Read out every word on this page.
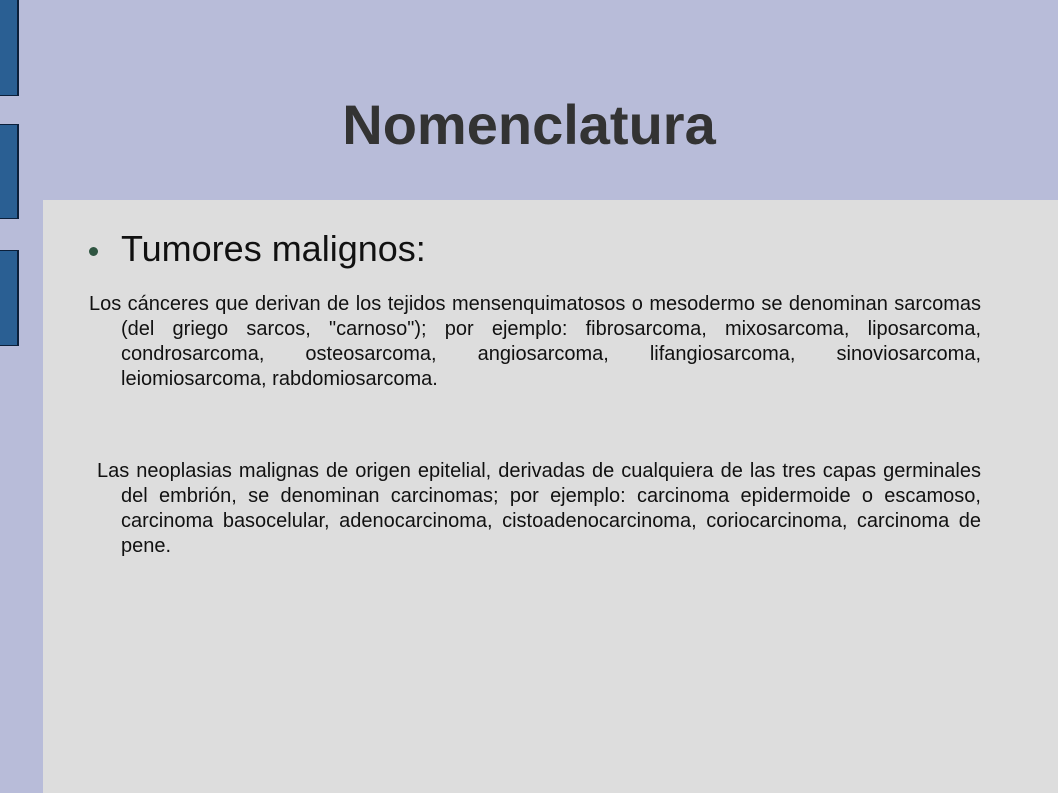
Nomenclatura
Tumores malignos:
Los cánceres que derivan de los tejidos mensenquimatosos o mesodermo se denominan sarcomas (del griego sarcos, "carnoso"); por ejemplo: fibrosarcoma, mixosarcoma, liposarcoma, condrosarcoma, osteosarcoma, angiosarcoma, lifangiosarcoma, sinoviosarcoma, leiomiosarcoma, rabdomiosarcoma.
Las neoplasias malignas de origen epitelial, derivadas de cualquiera de las tres capas germinales del embrión, se denominan carcinomas; por ejemplo: carcinoma epidermoide o escamoso, carcinoma basocelular, adenocarcinoma, cistoadenocarcinoma, coriocarcinoma, carcinoma de pene.
